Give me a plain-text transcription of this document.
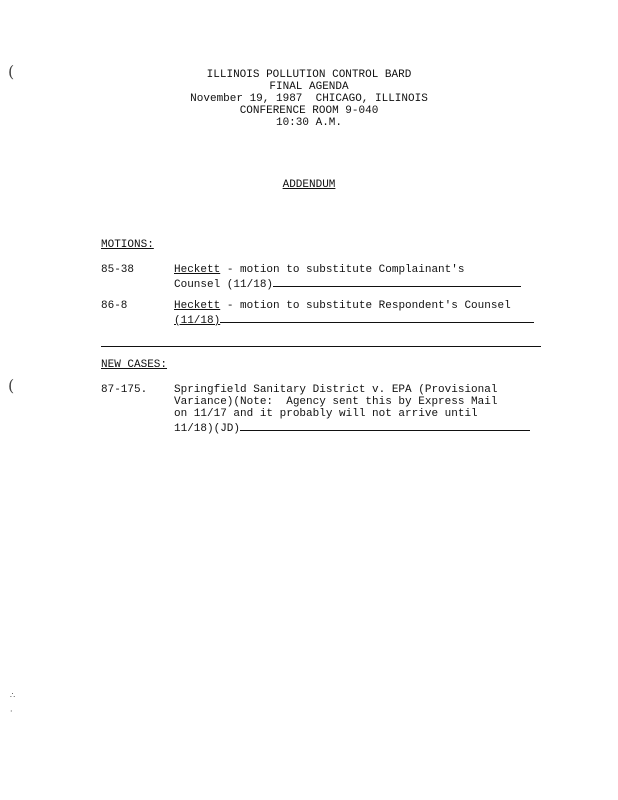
ILLINOIS POLLUTION CONTROL BARD
FINAL AGENDA
November 19, 1987  CHICAGO, ILLINOIS
CONFERENCE ROOM 9-040
10:30 A.M.
ADDENDUM
MOTIONS:
85-38	Heckett - motion to substitute Complainant's
Counsel (11/18)
86-8	Heckett - motion to substitute Respondent's Counsel
(11/18)
NEW CASES:
87-175. Springfield Sanitary District v. EPA (Provisional
Variance)(Note:  Agency sent this by Express Mail
on 11/17 and it probably will not arrive until
11/18)(JD)
(
(
∴
·
